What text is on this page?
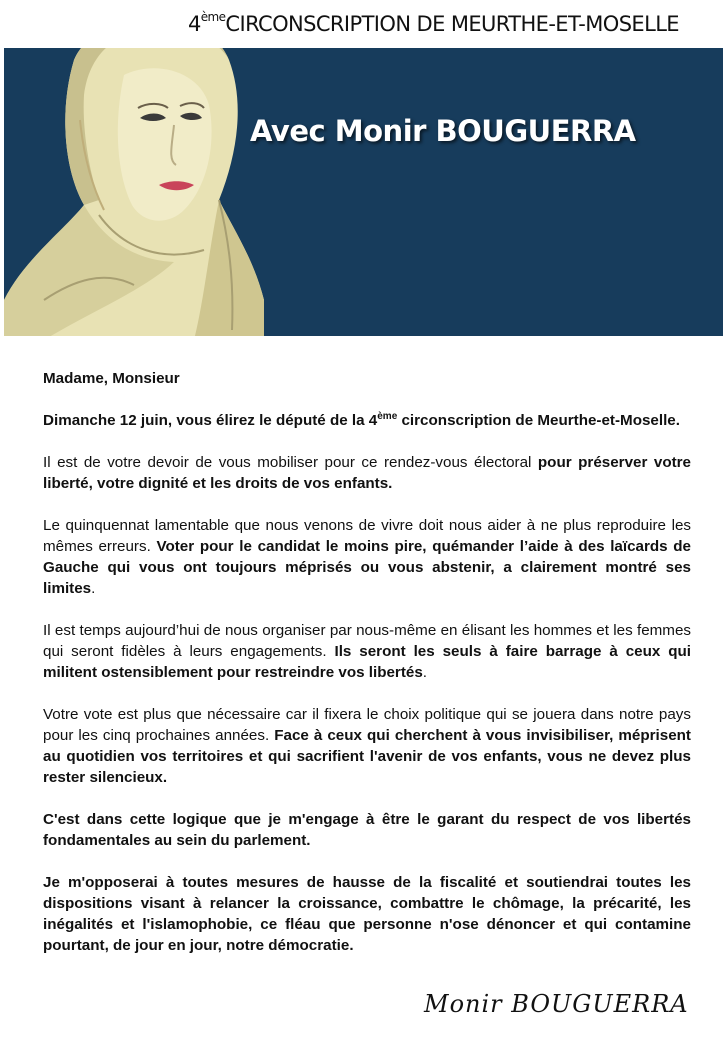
4èmeCIRCONSCRIPTION DE MEURTHE-ET-MOSELLE
Avec Monir BOUGUERRA

Madame, Monsieur

Dimanche 12 juin, vous élirez le député de la 4ème circonscription de Meurthe-et-Moselle.

Il est de votre devoir de vous mobiliser pour ce rendez-vous électoral pour préserver votre liberté, votre dignité et les droits de vos enfants.

Le quinquennat lamentable que nous venons de vivre doit nous aider à ne plus reproduire les mêmes erreurs. Voter pour le candidat le moins pire, quémander l’aide à des laïcards de Gauche qui vous ont toujours méprisés ou vous abstenir, a clairement montré ses limites.

Il est temps aujourd’hui de nous organiser par nous-même en élisant les hommes et les femmes qui seront fidèles à leurs engagements. Ils seront les seuls à faire barrage à ceux qui militent ostensiblement pour restreindre vos libertés.

Votre vote est plus que nécessaire car il fixera le choix politique qui se jouera dans notre pays pour les cinq prochaines années. Face à ceux qui cherchent à vous invisibiliser, méprisent au quotidien vos territoires et qui sacrifient l'avenir de vos enfants, vous ne devez plus rester silencieux.

C'est dans cette logique que je m'engage à être le garant du respect de vos libertés fondamentales au sein du parlement.

Je m'opposerai à toutes mesures de hausse de la fiscalité et soutiendrai toutes les dispositions visant à relancer la croissance, combattre le chômage, la précarité, les inégalités et l'islamophobie, ce fléau que personne n'ose dénoncer et qui contamine pourtant, de jour en jour, notre démocratie.

Monir BOUGUERRA
